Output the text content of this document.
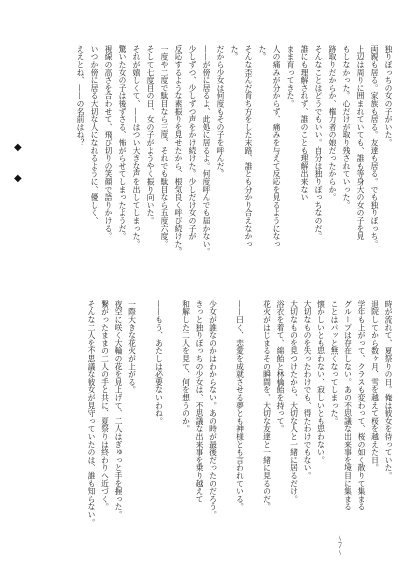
独りぼっちの女の子がいた。

両親も居る。家族も居る。友達も居る。でも独りぼっち。

上辺は周りに囲まれていても、誰も等身大の女の子を見

もしなかった。心だけが取り残されていった。

跡取りだからか、権力者の娘だったからか。

そんなことはどうでもいい。自分は独りぼっちなのだ。

誰にも理解されず、誰のことも理解出来ない

まま育ってきた。

人の痛みが分からず、痛みを与えて反応を見るようになった。

そんな歪んだ育ち方をした末路、誰とも分かり合えなかった。

だから少女は何度もその子を呼んだ。

——が傍に居るよ、此処に居るよ。何度呼んでも届かない。

少しずつ、少しずつ声をかけ続けた。少しだけ女の子が

反応するような素振りを見せたから、根気良く呼び続けた。

一度や二度で駄目なら三度、それでも駄目なら五度六度。

そして七度目の日、女の子がようやく振り向いた。

それが嬉しくて、——はつい大きな声を出してしまった。

驚いた女の子は後ずさる、怖がらせてしまったようだ。

視線の高さを合わせて、飛び切りの笑顔で語りかける。

いつか傍に居る大切な人になれるように、優しく、

ええとね、——の名前はね？

◆
◆

時が流れて、夏祭りの日。俺は彼女を待っていた。

退院してから数ヶ月、雪を越えて桜を越えた日。

学年も上がって、クラスも変わって、桜の如く散りて集まる

グループは存在しない。あの不思議な出来事を境目に集まる

ことはパッと無くなってしまった。

懐かしいとも思わない、寂しいとも思わない。

大切なものを失ったわけでも、得たわけでもない。

大切なものを見つけたから、大切な人と一緒に居るだけ。

浴衣を着て、綿飴と林檎飴を持って。

花火がはじまるその瞬間を、大切な友達と一緒に見るのだ。

——曰く、恋愛を成就させる夢とも神様とも言われている。

少女が誰なのかはわからない。あの時が最後だったのだろう。

きっと独りぼっちの少女は、不思議な出来事を乗り越えて

和解した二人を見て、何を想うのか。

——もう、あたしは必要ないわね。

一際大きな花火が上がる。

夜空に咲く大輪の花を見上げて、二人はぎゅっと手を握った。

繋がったままの二人の手と共に、夏祭りは終わりへ近づく。

そんな二人を不思議な彼女が見守っていたのは、誰も知らない。

〜７〜
